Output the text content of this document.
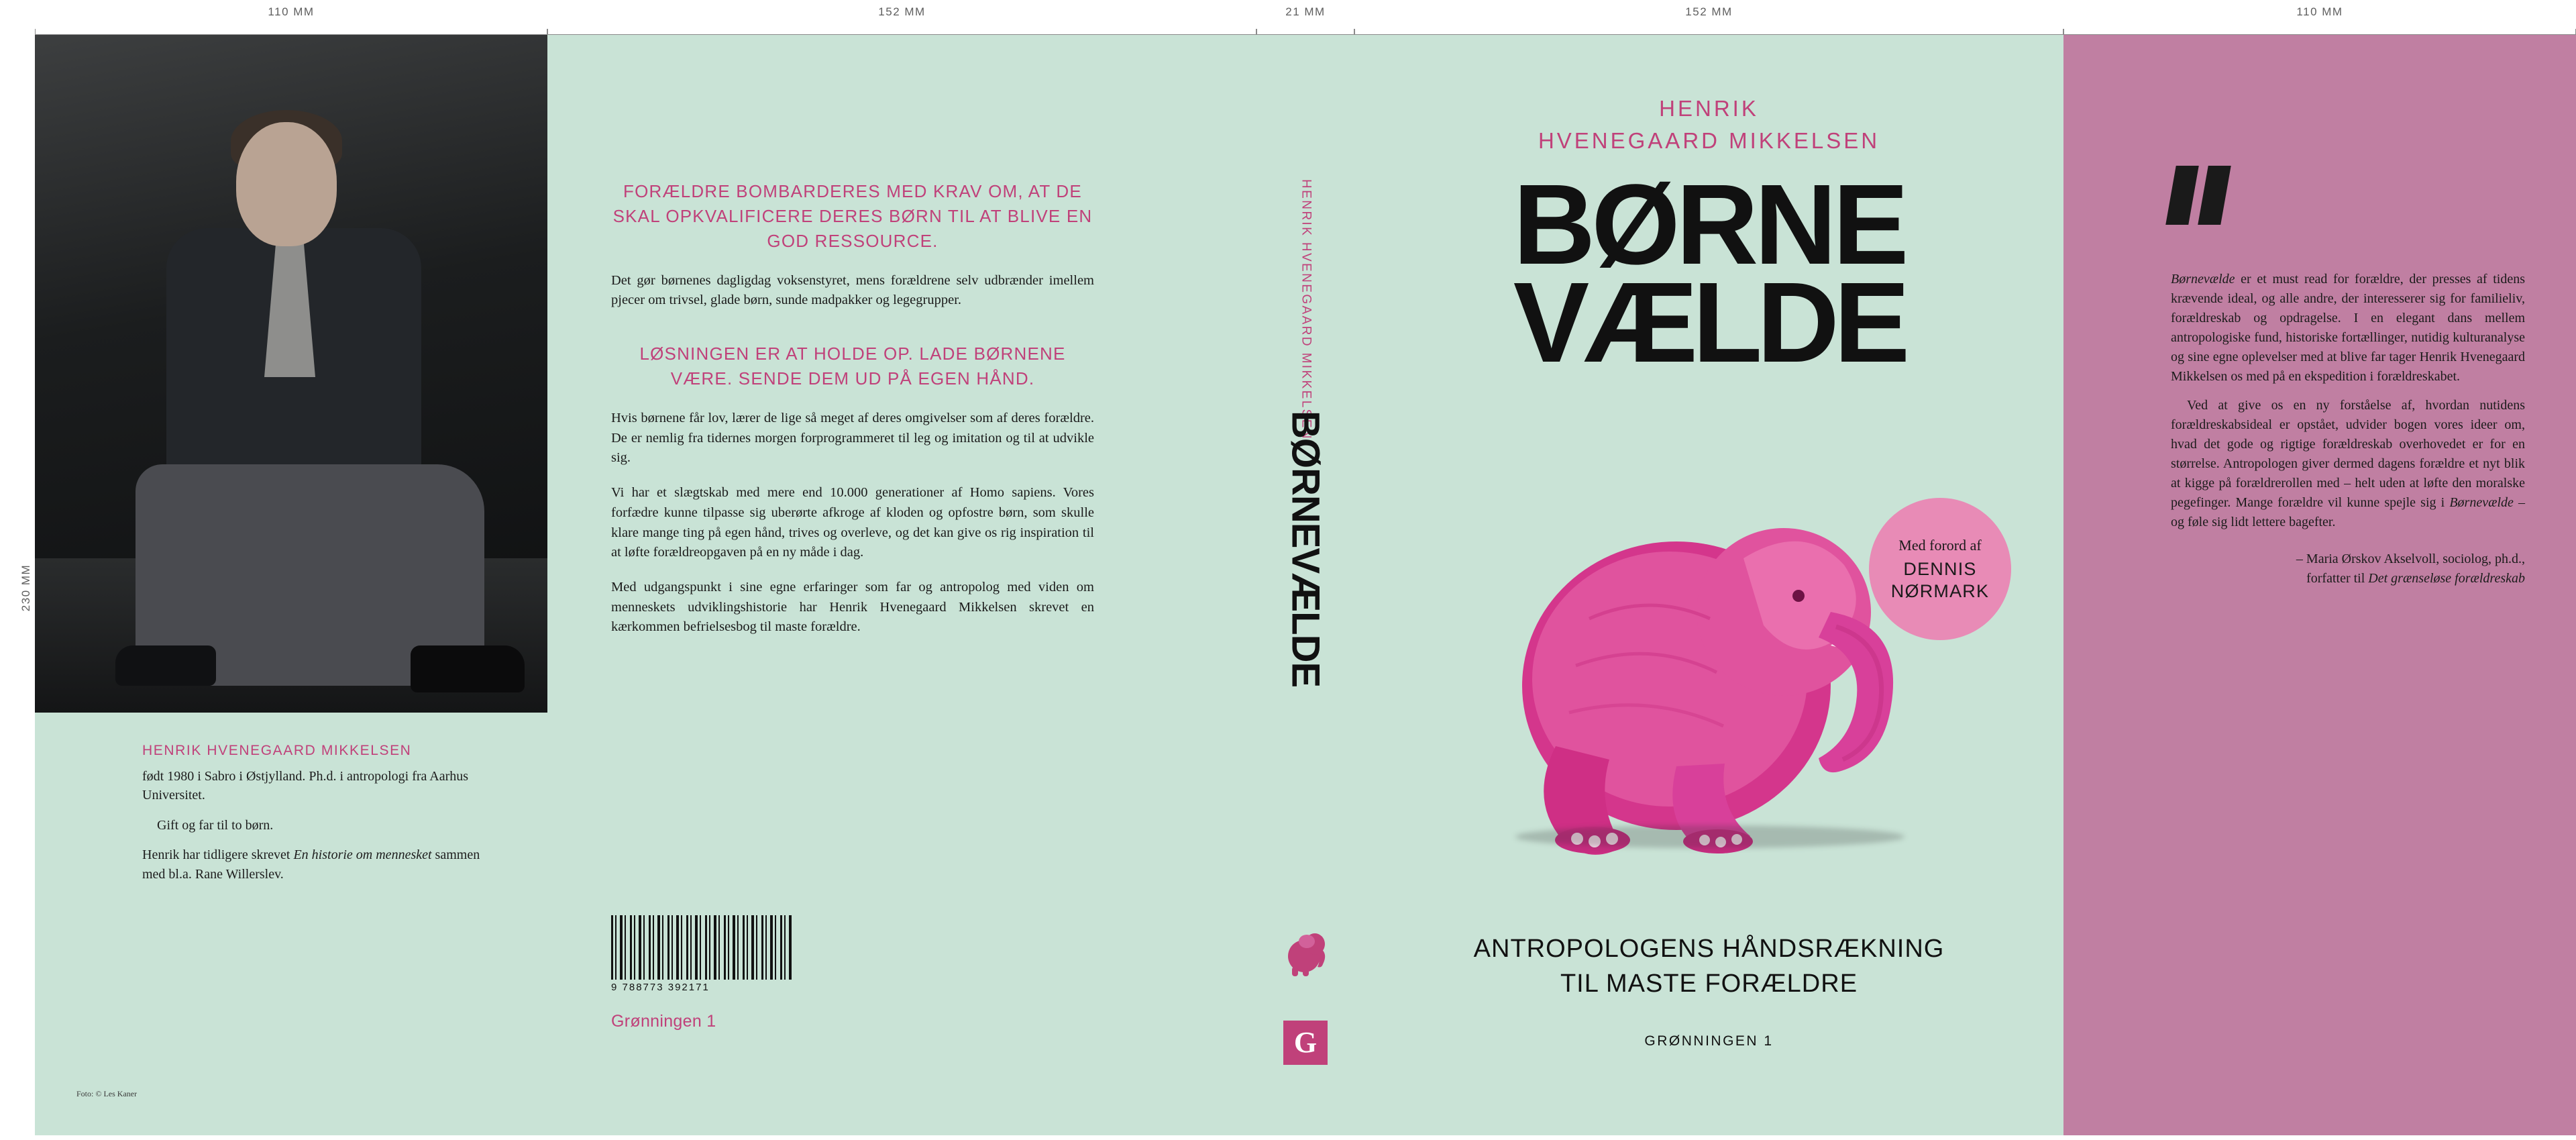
110 MM	152 MM	21 MM	152 MM	110 MM
230 MM
Foto: © Les Kaner
HENRIK HVENEGAARD MIKKELSEN

født 1980 i Sabro i Østjylland. Ph.d. i antropologi fra Aarhus Universitet.

Gift og far til to børn.

Henrik har tidligere skrevet En historie om mennesket sammen med bl.a. Rane Willerslev.

FORÆLDRE BOMBARDERES MED KRAV OM, AT DE SKAL OPKVALIFICERE DERES BØRN TIL AT BLIVE EN GOD RESSOURCE.

Det gør børnenes dagligdag voksenstyret, mens forældrene selv udbrænder imellem pjecer om trivsel, glade børn, sunde madpakker og legegrupper.

LØSNINGEN ER AT HOLDE OP. LADE BØRNENE VÆRE. SENDE DEM UD PÅ EGEN HÅND.

Hvis børnene får lov, lærer de lige så meget af deres omgivelser som af deres forældre. De er nemlig fra tidernes morgen forprogrammeret til leg og imitation og til at udvikle sig.

Vi har et slægtskab med mere end 10.000 generationer af Homo sapiens. Vores forfædre kunne tilpasse sig uberørte afkroge af kloden og opfostre børn, som skulle klare mange ting på egen hånd, trives og overleve, og det kan give os rig inspiration til at løfte forældreopgaven på en ny måde i dag.

Med udgangspunkt i sine egne erfaringer som far og antropolog med viden om menneskets udviklingshistorie har Henrik Hvenegaard Mikkelsen skrevet en kærkommen befrielsesbog til maste forældre.

9 788773 392171
Grønningen 1
HENRIK HVENEGAARD MIKKELSEN
BØRNEVÆLDE
G
HENRIK
HVENEGAARD MIKKELSEN
BØRNE
VÆLDE
Med forord af
DENNIS NØRMARK
ANTROPOLOGENS HÅNDSRÆKNING
TIL MASTE FORÆLDRE
GRØNNINGEN 1

Børnevælde er et must read for forældre, der presses af tidens krævende ideal, og alle andre, der interesserer sig for familieliv, forældreskab og opdragelse. I en elegant dans mellem antropologiske fund, historiske fortællinger, nutidig kulturanalyse og sine egne oplevelser med at blive far tager Henrik Hvenegaard Mikkelsen os med på en ekspedition i forældreskabet.

Ved at give os en ny forståelse af, hvordan nutidens forældreskabsideal er opstået, udvider bogen vores ideer om, hvad det gode og rigtige forældreskab overhovedet er for en størrelse. Antropologen giver dermed dagens forældre et nyt blik at kigge på forældrerollen med – helt uden at løfte den moralske pegefinger. Mange forældre vil kunne spejle sig i Børnevælde – og føle sig lidt lettere bagefter.

– Maria Ørskov Akselvoll, sociolog, ph.d.,
forfatter til Det grænseløse forældreskab
